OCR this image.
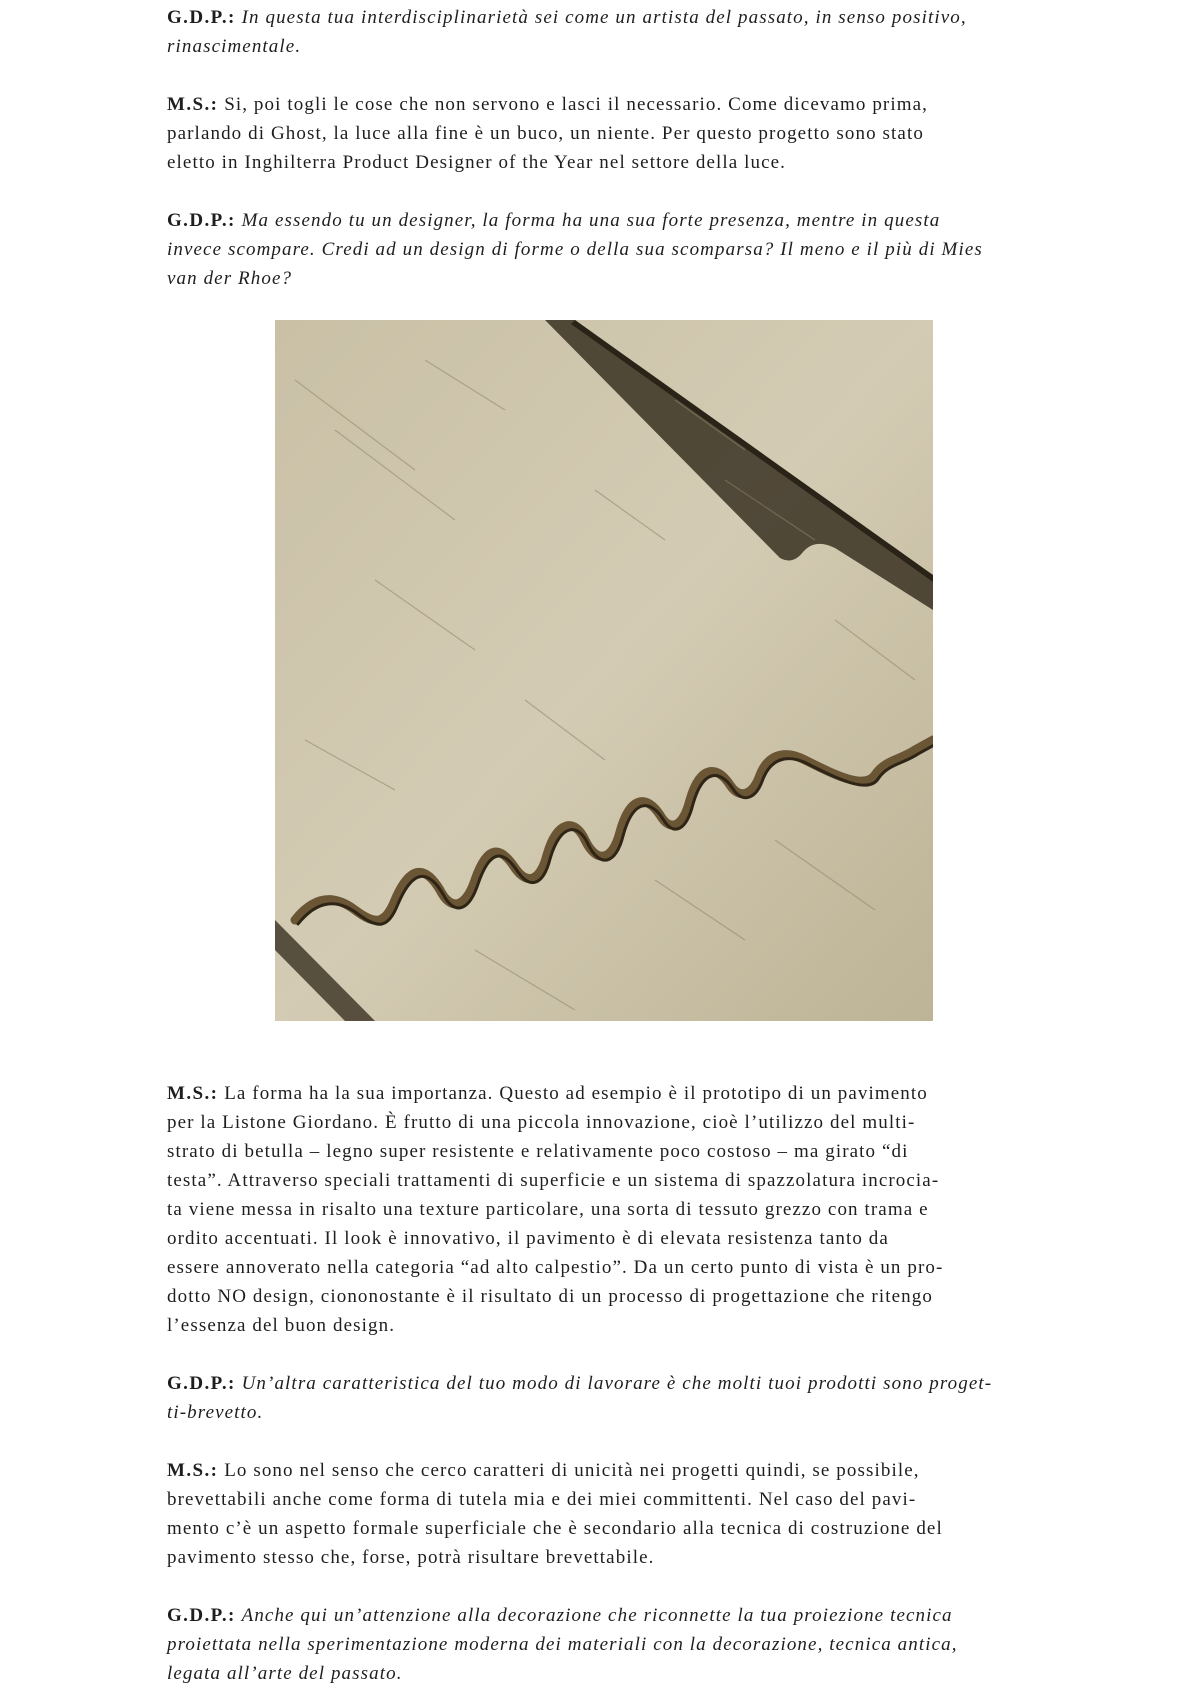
G.D.P.: In questa tua interdisciplinarietà sei come un artista del passato, in senso positivo,
rinascimentale.
M.S.: Si, poi togli le cose che non servono e lasci il necessario. Come dicevamo prima,
parlando di Ghost, la luce alla fine è un buco, un niente. Per questo progetto sono stato
eletto in Inghilterra Product Designer of the Year nel settore della luce.
G.D.P.: Ma essendo tu un designer, la forma ha una sua forte presenza, mentre in questa
invece scompare. Credi ad un design di forme o della sua scomparsa? Il meno e il più di Mies
van der Rhoe?
M.S.: La forma ha la sua importanza. Questo ad esempio è il prototipo di un pavimento
per la Listone Giordano. È frutto di una piccola innovazione, cioè l’utilizzo del multi-
strato di betulla – legno super resistente e relativamente poco costoso – ma girato “di
testa”. Attraverso speciali trattamenti di superficie e un sistema di spazzolatura incrocia-
ta viene messa in risalto una texture particolare, una sorta di tessuto grezzo con trama e
ordito accentuati. Il look è innovativo, il pavimento è di elevata resistenza tanto da
essere annoverato nella categoria “ad alto calpestio”. Da un certo punto di vista è un pro-
dotto NO design, ciononostante è il risultato di un processo di progettazione che ritengo
l’essenza del buon design.
G.D.P.: Un’altra caratteristica del tuo modo di lavorare è che molti tuoi prodotti sono proget-
ti-brevetto.
M.S.: Lo sono nel senso che cerco caratteri di unicità nei progetti quindi, se possibile,
brevettabili anche come forma di tutela mia e dei miei committenti. Nel caso del pavi-
mento c’è un aspetto formale superficiale che è secondario alla tecnica di costruzione del
pavimento stesso che, forse, potrà risultare brevettabile.
G.D.P.: Anche qui un’attenzione alla decorazione che riconnette la tua proiezione tecnica
proiettata nella sperimentazione moderna dei materiali con la decorazione, tecnica antica,
legata all’arte del passato.
